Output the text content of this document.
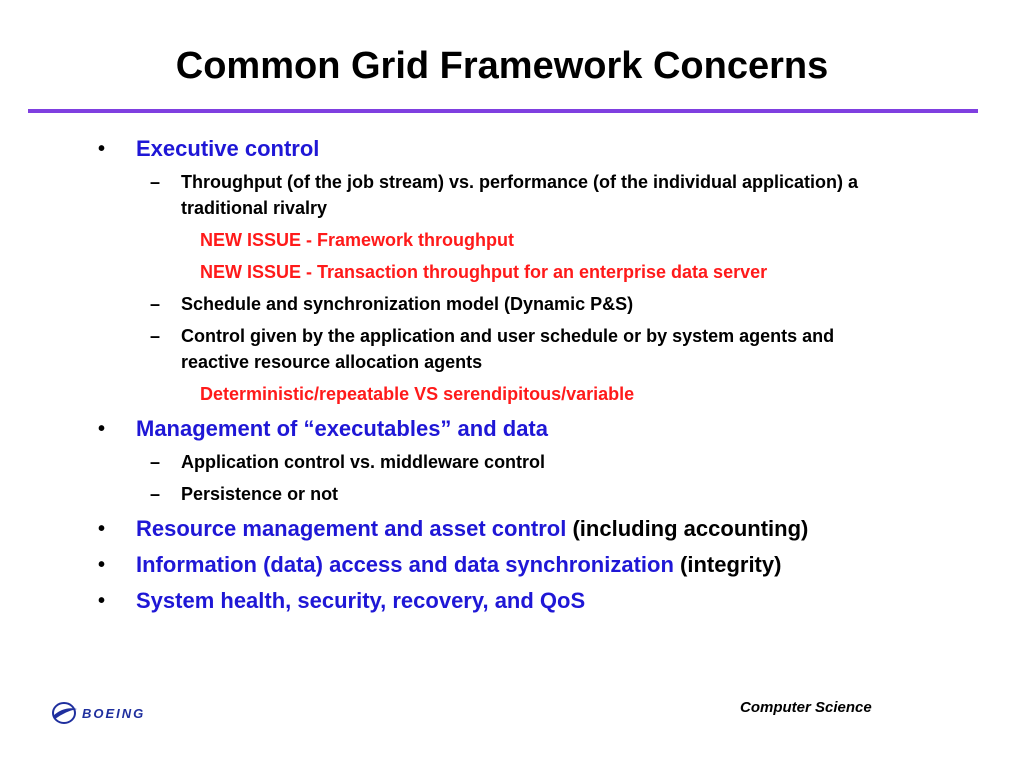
Common Grid Framework Concerns
• Executive control
– Throughput (of the job stream) vs. performance (of the individual application) a traditional rivalry
NEW ISSUE - Framework throughput
NEW ISSUE - Transaction throughput for an enterprise data server
– Schedule and synchronization model (Dynamic P&S)
– Control given by the application and user schedule or by system agents and reactive resource allocation agents
Deterministic/repeatable VS serendipitous/variable
• Management of “executables” and data
– Application control vs. middleware control
– Persistence or not
• Resource management and asset control (including accounting)
• Information (data) access and data synchronization (integrity)
• System health, security, recovery, and QoS
BOEING	Computer Science
